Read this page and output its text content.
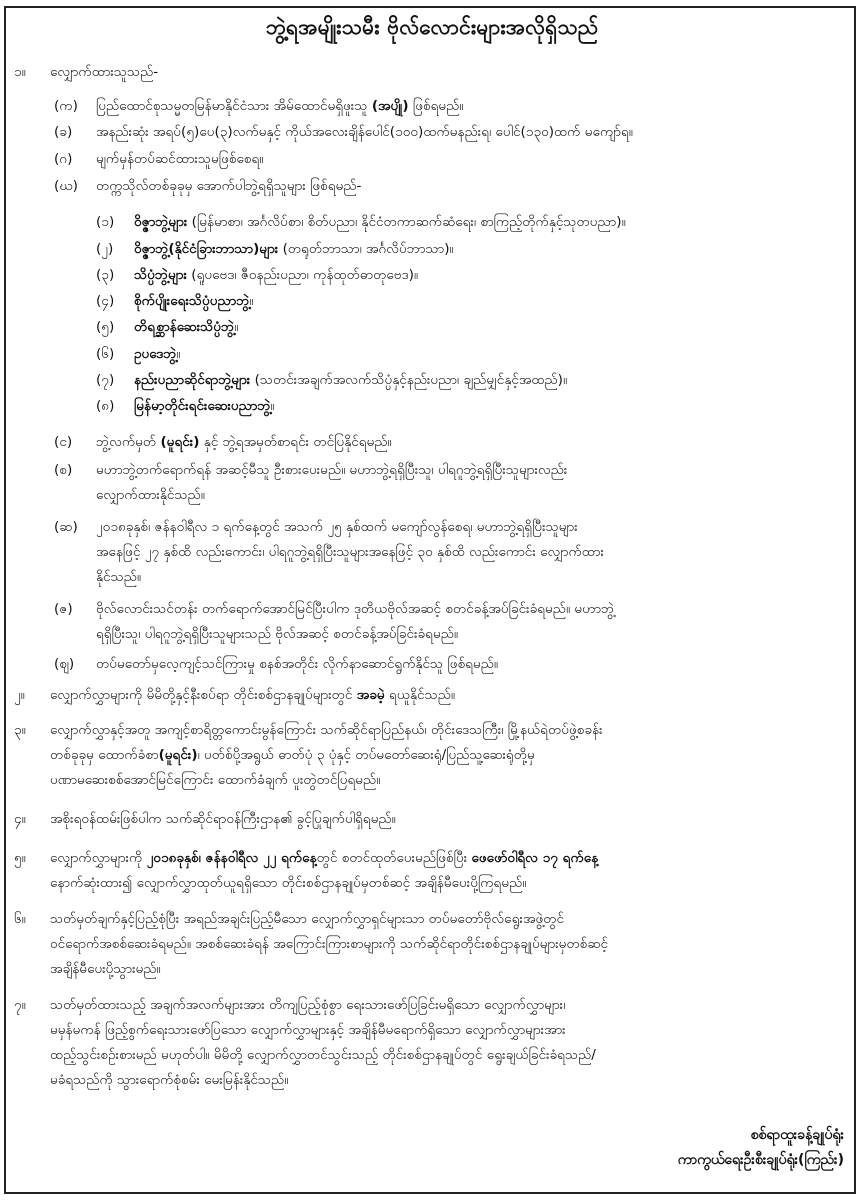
ဘွဲ့ရအမျိုးသမီး ဗိုလ်လောင်းများအလိုရှိသည်
၁။ လျှောက်ထားသူသည်-
(က) ပြည်ထောင်စုသမ္မတမြန်မာနိုင်ငံသား အိမ်ထောင်မရှိဖူးသူ (အပျို) ဖြစ်ရမည်။
(ခ) အနည်းဆုံး အရပ်(၅)ပေ(၃)လက်မနှင့် ကိုယ်အလေးချိန်ပေါင်(၁၀၀)ထက်မနည်းရ၊ ပေါင်(၁၃၀)ထက် မကျော်ရ။
(ဂ) မျက်မှန်တပ်ဆင်ထားသူမဖြစ်စေရ။
(ဃ) တက္ကသိုလ်တစ်ခုခုမှ အောက်ပါဘွဲ့ရရှိသူများ ဖြစ်ရမည်-
(၁) ဝိဇ္ဇာဘွဲ့များ (မြန်မာစာ၊ အင်္ဂလိပ်စာ၊ စိတ်ပညာ၊ နိုင်ငံတကာဆက်ဆံရေး၊ စာကြည့်တိုက်နှင့်သုတပညာ)။
(၂) ဝိဇ္ဇာဘွဲ့(နိုင်ငံခြားဘာသာ)များ (တရုတ်ဘာသာ၊ အင်္ဂလိပ်ဘာသာ)။
(၃) သိပ္ပံဘွဲ့များ (ရူပဗေဒ၊ ဇီဝနည်းပညာ၊ ကုန်ထုတ်ဓာတုဗေဒ)။
(၄) စိုက်ပျိုးရေးသိပ္ပံပညာဘွဲ့။
(၅) တိရစ္ဆာန်ဆေးသိပ္ပံဘွဲ့။
(၆) ဥပဒေဘွဲ့။
(၇) နည်းပညာဆိုင်ရာဘွဲ့များ (သတင်းအချက်အလက်သိပ္ပံနှင့်နည်းပညာ၊ ချည်မျှင်နှင့်အထည်)။
(၈) မြန်မာ့တိုင်းရင်းဆေးပညာဘွဲ့။
(င) ဘွဲ့လက်မှတ် (မူရင်း) နှင့် ဘွဲ့ရအမှတ်စာရင်း တင်ပြနိုင်ရမည်။
(စ) မဟာဘွဲ့တက်ရောက်ရန် အဆင့်မီသူ ဦးစားပေးမည်။ မဟာဘွဲ့ရရှိပြီးသူ၊ ပါရဂူဘွဲ့ရရှိပြီးသူများလည်း
လျှောက်ထားနိုင်သည်။
(ဆ) ၂၀၁၈ခုနှစ်၊ ဇန်နဝါရီလ ၁ ရက်နေ့တွင် အသက် ၂၅ နှစ်ထက် မကျော်လွန်စေရ၊ မဟာဘွဲ့ရရှိပြီးသူများ
အနေဖြင့် ၂၇ နှစ်ထိ လည်းကောင်း၊ ပါရဂူဘွဲ့ရရှိပြီးသူများအနေဖြင့် ၃၀ နှစ်ထိ လည်းကောင်း လျှောက်ထား
နိုင်သည်။
(ဇ) ဗိုလ်လောင်းသင်တန်း တက်ရောက်အောင်မြင်ပြီးပါက ဒုတိယဗိုလ်အဆင့် စတင်ခန့်အပ်ခြင်းခံရမည်။ မဟာဘွဲ့
ရရှိပြီးသူ၊ ပါရဂူဘွဲ့ရရှိပြီးသူများသည် ဗိုလ်အဆင့် စတင်ခန့်အပ်ခြင်းခံရမည်။
(ဈ) တပ်မတော်မှလေ့ကျင့်သင်ကြားမှု စနစ်အတိုင်း လိုက်နာဆောင်ရွက်နိုင်သူ ဖြစ်ရမည်။
၂။ လျှောက်လွှာများကို မိမိတို့နှင့်နီးစပ်ရာ တိုင်းစစ်ဌာနချုပ်များတွင် အခမဲ့ ရယူနိုင်သည်။
၃။ လျှောက်လွှာနှင့်အတူ အကျင့်စာရိတ္တကောင်းမွန်ကြောင်း သက်ဆိုင်ရာပြည်နယ်၊ တိုင်းဒေသကြီး၊ မြို့နယ်ရဲတပ်ဖွဲ့စခန်း
တစ်ခုခုမှ ထောက်ခံစာ(မူရင်း)၊ ပတ်စ်ပို့အရွယ် ဓာတ်ပုံ ၃ ပုံနှင့် တပ်မတော်ဆေးရုံ/ပြည်သူ့ဆေးရုံတို့မှ
ပဏာမဆေးစစ်အောင်မြင်ကြောင်း ထောက်ခံချက် ပူးတွဲတင်ပြရမည်။
၄။ အစိုးရဝန်ထမ်းဖြစ်ပါက သက်ဆိုင်ရာဝန်ကြီးဌာန၏ ခွင့်ပြုချက်ပါရှိရမည်။
၅။ လျှောက်လွှာများကို ၂၀၁၈ခုနှစ်၊ ဇန်နဝါရီလ ၂၂ ရက်နေ့တွင် စတင်ထုတ်ပေးမည်ဖြစ်ပြီး ဖေဖော်ဝါရီလ ၁၇ ရက်နေ့
နောက်ဆုံးထား၍ လျှောက်လွှာထုတ်ယူရရှိသော တိုင်းစစ်ဌာနချုပ်မှတစ်ဆင့် အချိန်မီပေးပို့ကြရမည်။
၆။ သတ်မှတ်ချက်နှင့်ပြည့်စုံပြီး အရည်အချင်းပြည့်မီသော လျှောက်လွှာရှင်များသာ တပ်မတော်ဗိုလ်ရွေးအဖွဲ့တွင်
ဝင်ရောက်အစစ်ဆေးခံရမည်။ အစစ်ဆေးခံရန် အကြောင်းကြားစာများကို သက်ဆိုင်ရာတိုင်းစစ်ဌာနချုပ်များမှတစ်ဆင့်
အချိန်မီပေးပို့သွားမည်။
၇။ သတ်မှတ်ထားသည့် အချက်အလက်များအား တိကျပြည့်စုံစွာ ရေးသားဖော်ပြခြင်းမရှိသော လျှောက်လွှာများ၊
မမှန်မကန် ဖြည့်စွက်ရေးသားဖော်ပြသော လျှောက်လွှာများနှင့် အချိန်မီမရောက်ရှိသော လျှောက်လွှာများအား
ထည့်သွင်းစဉ်းစားမည် မဟုတ်ပါ။ မိမိတို့ လျှောက်လွှာတင်သွင်းသည့် တိုင်းစစ်ဌာနချုပ်တွင် ရွေးချယ်ခြင်းခံရသည်/
မခံရသည်ကို သွားရောက်စုံစမ်း မေးမြန်းနိုင်သည်။
စစ်ရာထူးခန့်ချုပ်ရုံး
ကာကွယ်ရေးဦးစီးချုပ်ရုံး(ကြည်း)
